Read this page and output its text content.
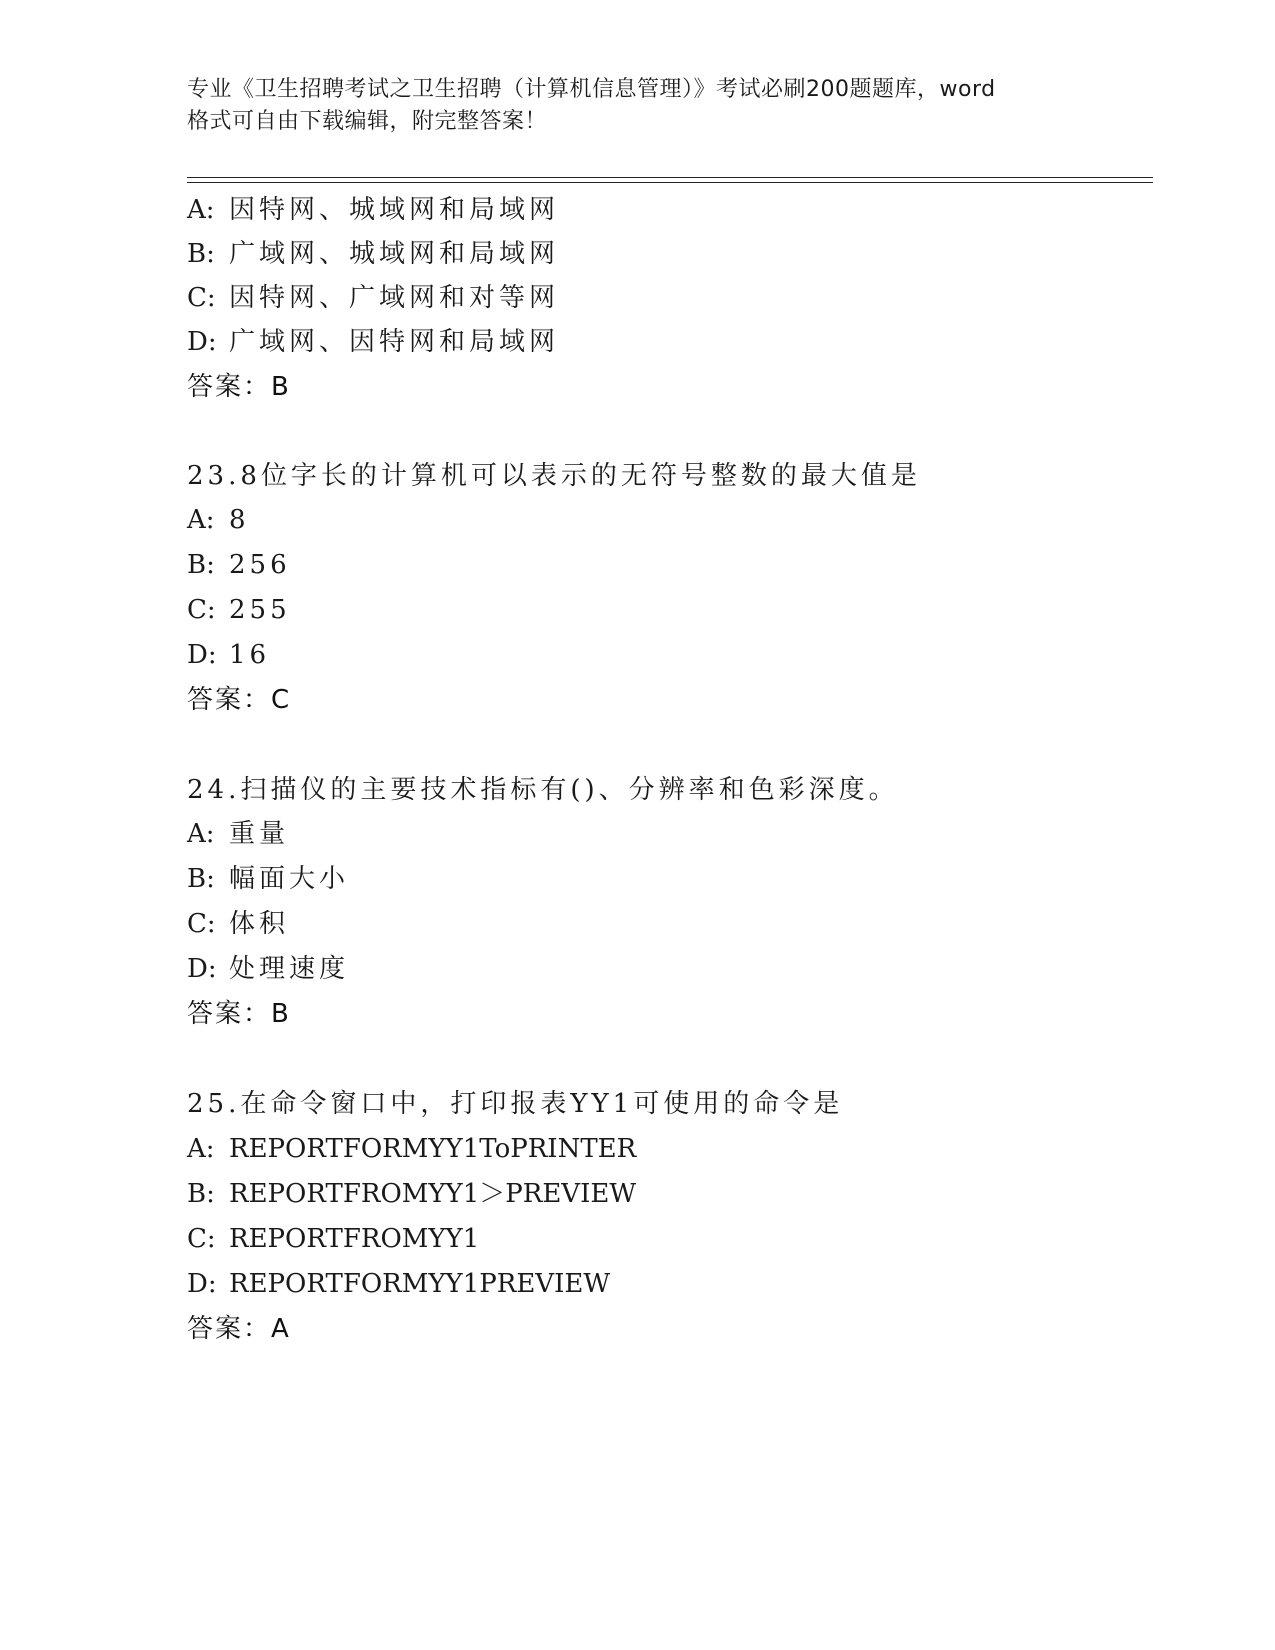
专业《卫生招聘考试之卫生招聘（计算机信息管理）》考试必刷200题题库，word
格式可自由下载编辑，附完整答案！
A: 因特网、城域网和局域网
B: 广域网、城域网和局域网
C: 因特网、广域网和对等网
D: 广域网、因特网和局域网
答案：B
23.8位字长的计算机可以表示的无符号整数的最大值是
A: 8
B: 256
C: 255
D: 16
答案：C
24.扫描仪的主要技术指标有()、分辨率和色彩深度。
A: 重量
B: 幅面大小
C: 体积
D: 处理速度
答案：B
25.在命令窗口中，打印报表YY1可使用的命令是
A: REPORTFORMYY1ToPRINTER
B: REPORTFROMYY1＞PREVIEW
C: REPORTFROMYY1
D: REPORTFORMYY1PREVIEW
答案：A
